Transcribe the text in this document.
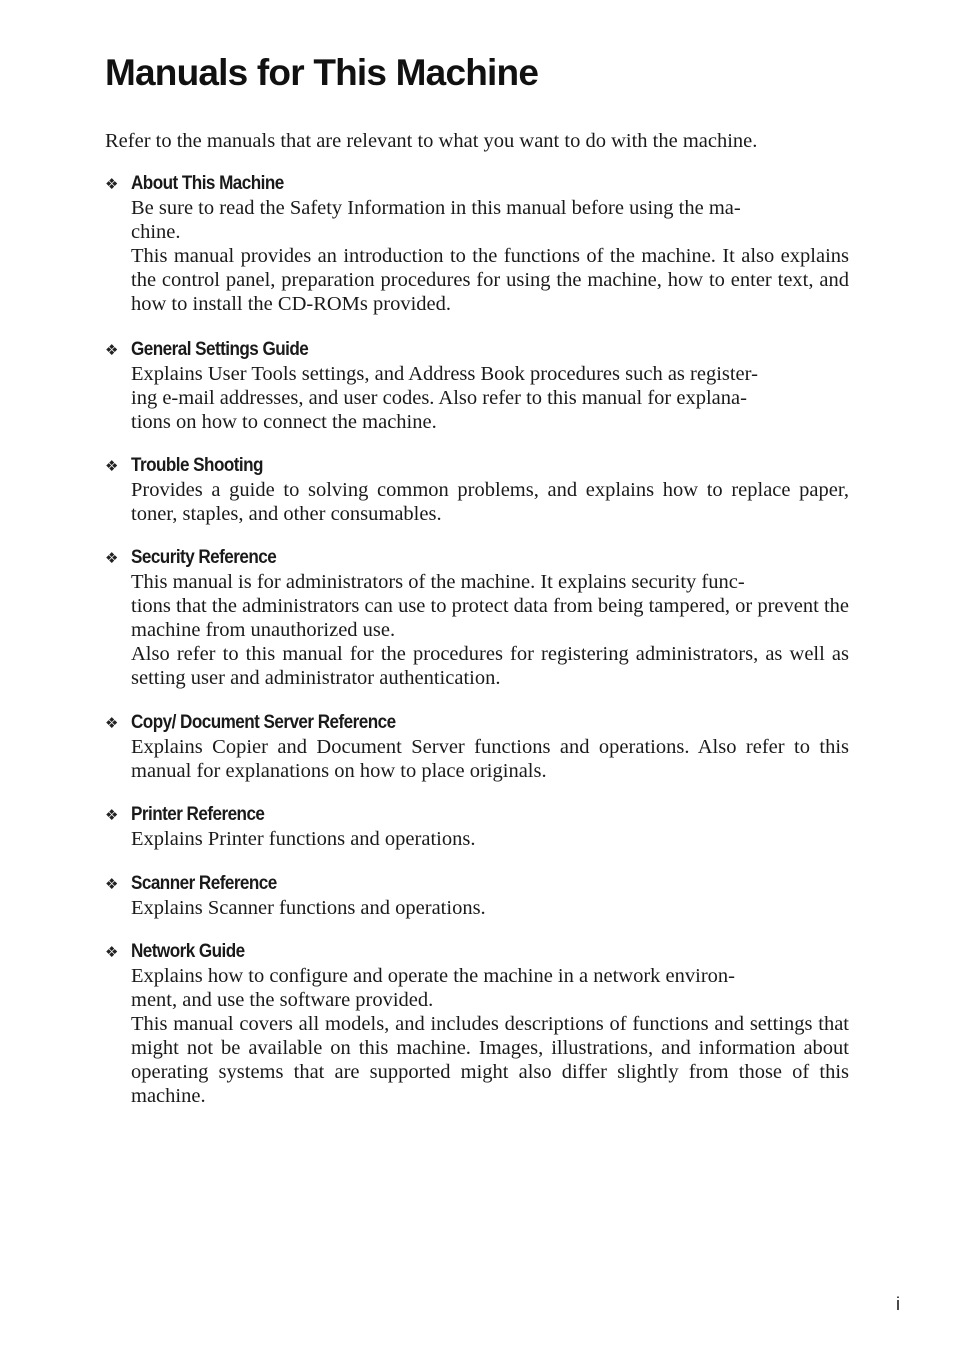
Manuals for This Machine

Refer to the manuals that are relevant to what you want to do with the machine.

❖ About This Machine

Be sure to read the Safety Information in this manual before using the ma-
chine.

This manual provides an introduction to the functions of the machine. It also explains the control panel, preparation procedures for using the machine, how to enter text, and how to install the CD-ROMs provided.

❖ General Settings Guide

Explains User Tools settings, and Address Book procedures such as register-
ing e-mail addresses, and user codes. Also refer to this manual for explana-
tions on how to connect the machine.

❖ Trouble Shooting

Provides a guide to solving common problems, and explains how to replace paper, toner, staples, and other consumables.

❖ Security Reference

This manual is for administrators of the machine. It explains security func-
tions that the administrators can use to protect data from being tampered, or prevent the machine from unauthorized use.

Also refer to this manual for the procedures for registering administrators, as well as setting user and administrator authentication.

❖ Copy/ Document Server Reference

Explains Copier and Document Server functions and operations. Also refer to this manual for explanations on how to place originals.

❖ Printer Reference

Explains Printer functions and operations.

❖ Scanner Reference

Explains Scanner functions and operations.

❖ Network Guide

Explains how to configure and operate the machine in a network environ-
ment, and use the software provided.

This manual covers all models, and includes descriptions of functions and settings that might not be available on this machine. Images, illustrations, and information about operating systems that are supported might also differ slightly from those of this machine.

i
